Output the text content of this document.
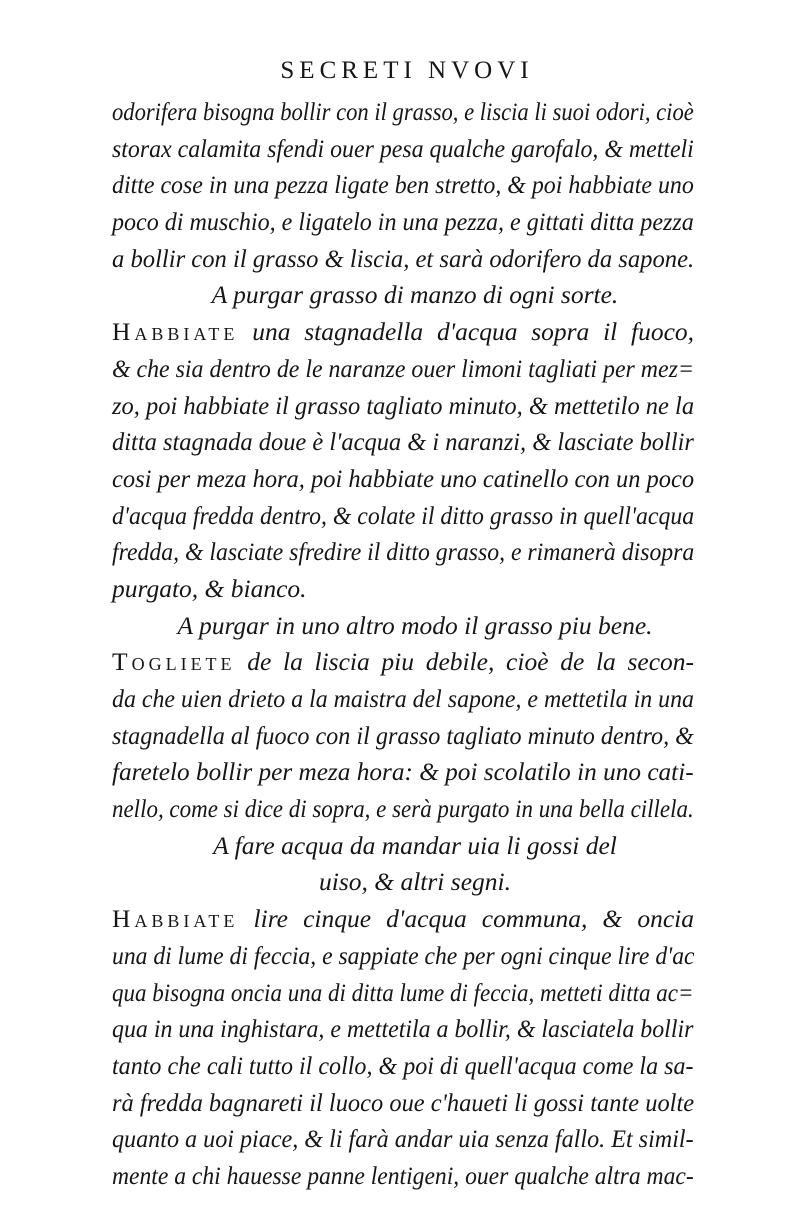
SECRETI NVOVI
odorifera bisogna bollir con il grasso, e liscia li suoi odori, cioè
storax calamita sfendi ouer pesa qualche garofalo, & metteli
ditte cose in una pezza ligate ben stretto, & poi habbiate uno
poco di muschio, e ligatelo in una pezza, e gittati ditta pezza
a bollir con il grasso & liscia, et sarà odorifero da sapone.
A purgar grasso di manzo di ogni sorte.
Habbiate una stagnadella d'acqua sopra il fuoco,
& che sia dentro de le naranze ouer limoni tagliati per mez=
zo, poi habbiate il grasso tagliato minuto, & mettetilo ne la
ditta stagnada doue è l'acqua & i naranzi, & lasciate bollir
cosi per meza hora, poi habbiate uno catinello con un poco
d'acqua fredda dentro, & colate il ditto grasso in quell'acqua
fredda, & lasciate sfredire il ditto grasso, e rimanerà disopra
purgato, & bianco.
A purgar in uno altro modo il grasso piu bene.
Togliete de la liscia piu debile, cioè de la secon-
da che uien drieto a la maistra del sapone, e mettetila in una
stagnadella al fuoco con il grasso tagliato minuto dentro, &
faretelo bollir per meza hora: & poi scolatilo in uno cati-
nello, come si dice di sopra, e serà purgato in una bella cillela.
A fare acqua da mandar uia li gossi del
uiso, & altri segni.
Habbiate lire cinque d'acqua communa, & oncia
una di lume di feccia, e sappiate che per ogni cinque lire d'ac
qua bisogna oncia una di ditta lume di feccia, metteti ditta ac=
qua in una inghistara, e mettetila a bollir, & lasciatela bollir
tanto che cali tutto il collo, & poi di quell'acqua come la sa-
rà fredda bagnareti il luoco oue c'haueti li gossi tante uolte
quanto a uoi piace, & li farà andar uia senza fallo. Et simil-
mente a chi hauesse panne lentigeni, ouer qualche altra mac-
